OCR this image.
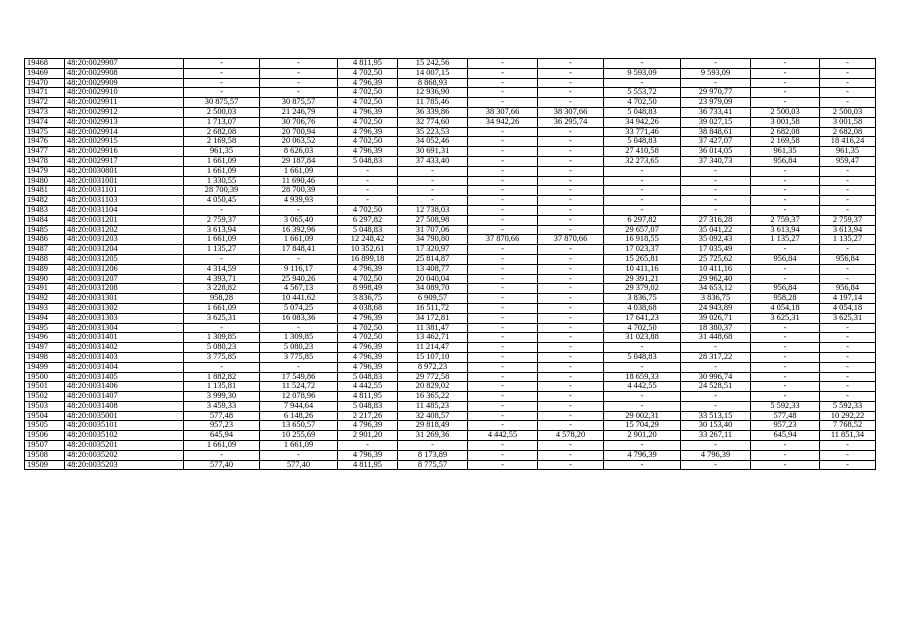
19468	48:20:0029907	-	-	4 811,95	15 242,56	-	-	-	-	-	-
19469	48:20:0029908	-	-	4 702,50	14 007,15	-	-	9 593,09	9 593,09	-	-
19470	48:20:0029909	-	-	4 796,39	8 868,93	-	-	-	-	-	-
19471	48:20:0029910	-	-	4 702,50	12 936,90	-	-	5 553,72	29 970,77	-	-
19472	48:20:0029911	30 875,57	30 875,57	4 702,50	11 785,46	-	-	4 702,50	23 979,09	-	-
19473	48:20:0029912	2 500,03	21 246,79	4 796,39	36 339,86	38 307,66	38 307,66	5 048,83	36 733,41	2 500,03	2 500,03
19474	48:20:0029913	1 713,07	30 706,76	4 702,50	32 774,60	34 942,26	36 295,74	34 942,26	39 027,15	3 001,58	3 001,58
19475	48:20:0029914	2 682,08	20 700,94	4 796,39	35 223,53	-	-	33 771,46	38 848,61	2 682,08	2 682,08
19476	48:20:0029915	2 169,58	20 063,52	4 702,50	34 052,46	-	-	5 048,83	37 427,07	2 169,58	18 416,24
19477	48:20:0029916	961,35	8 626,03	4 796,39	30 691,31	-	-	27 410,58	36 014,05	961,35	961,35
19478	48:20:0029917	1 661,09	29 187,84	5 048,83	37 433,40	-	-	32 273,65	37 340,73	956,84	959,47
19479	48:20:0030801	1 661,09	1 661,09	-	-	-	-	-	-	-	-
19480	48:20:0031001	1 330,55	11 690,46	-	-	-	-	-	-	-	-
19481	48:20:0031101	28 700,39	28 700,39	-	-	-	-	-	-	-	-
19482	48:20:0031103	4 050,45	4 939,93	-	-	-	-	-	-	-	-
19483	48:20:0031104	-	-	4 702,50	12 738,03	-	-	-	-	-	-
19484	48:20:0031201	2 759,37	3 065,40	6 297,82	27 508,98	-	-	6 297,82	27 316,28	2 759,37	2 759,37
19485	48:20:0031202	3 613,94	16 392,96	5 048,83	31 707,06	-	-	29 657,07	35 041,22	3 613,94	3 613,94
19486	48:20:0031203	1 661,09	1 661,09	12 248,42	34 790,80	37 870,66	37 870,66	16 918,55	35 092,43	1 135,27	1 135,27
19487	48:20:0031204	1 135,27	17 848,41	10 352,61	17 320,97	-	-	17 023,37	17 035,49	-	-
19488	48:20:0031205	-	-	16 899,18	25 814,87	-	-	15 265,81	25 725,62	956,84	956,84
19489	48:20:0031206	4 314,59	9 116,17	4 796,39	13 408,77	-	-	10 411,16	10 411,16	-	-
19490	48:20:0031207	4 393,71	25 940,26	4 702,50	20 040,04	-	-	29 391,21	29 962,40	-	-
19491	48:20:0031208	3 228,82	4 567,13	8 998,49	34 089,70	-	-	29 379,02	34 653,12	956,84	956,84
19492	48:20:0031301	958,28	10 441,62	3 836,75	6 909,57	-	-	3 836,75	3 836,75	958,28	4 197,14
19493	48:20:0031302	1 661,09	5 074,25	4 038,68	16 511,72	-	-	4 038,68	24 943,89	4 054,18	4 054,18
19494	48:20:0031303	3 625,31	16 083,36	4 796,39	34 172,81	-	-	17 641,23	39 026,71	3 625,31	3 625,31
19495	48:20:0031304	-	-	4 702,50	11 381,47	-	-	4 702,50	18 380,37	-	-
19496	48:20:0031401	1 309,85	1 309,85	4 702,50	13 462,71	-	-	31 023,88	31 448,68	-	-
19497	48:20:0031402	5 080,23	5 080,23	4 796,39	11 214,47	-	-	-	-	-	-
19498	48:20:0031403	3 775,85	3 775,85	4 796,39	15 107,10	-	-	5 048,83	28 317,22	-	-
19499	48:20:0031404	-	-	4 796,39	8 972,23	-	-	-	-	-	-
19500	48:20:0031405	1 882,82	17 549,86	5 048,83	29 772,58	-	-	18 659,33	30 996,74	-	-
19501	48:20:0031406	1 135,81	11 524,72	4 442,55	20 829,02	-	-	4 442,55	24 528,51	-	-
19502	48:20:0031407	3 999,30	12 078,96	4 811,95	16 365,22	-	-	-	-	-	-
19503	48:20:0031408	3 459,33	7 944,64	5 048,83	11 485,23	-	-	-	-	5 592,33	5 592,33
19504	48:20:0035001	577,48	6 148,26	2 217,26	32 408,57	-	-	29 002,31	33 513,15	577,48	10 292,22
19505	48:20:0035101	957,23	13 650,57	4 796,39	29 818,49	-	-	15 704,29	30 153,40	957,23	7 768,52
19506	48:20:0035102	645,94	10 255,69	2 901,20	31 269,36	4 442,55	4 578,20	2 901,20	33 267,11	645,94	11 851,34
19507	48:20:0035201	1 661,09	1 661,09	-	-	-	-	-	-	-	-
19508	48:20:0035202	-	-	4 796,39	8 173,89	-	-	4 796,39	4 796,39	-	-
19509	48:20:0035203	577,40	577,40	4 811,95	8 775,57	-	-	-	-	-	-
